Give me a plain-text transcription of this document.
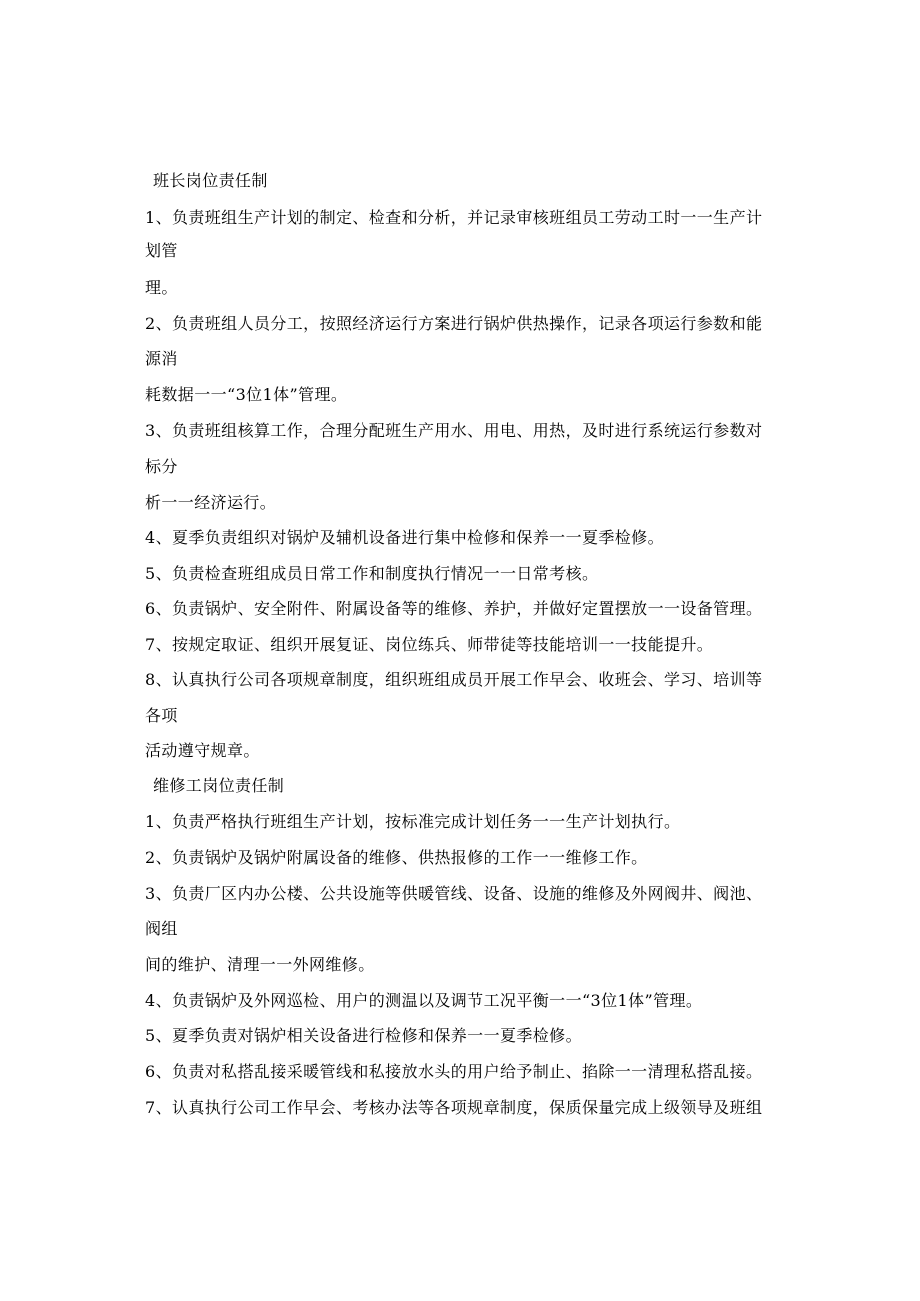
班长岗位责任制
1、负责班组生产计划的制定、检查和分析，并记录审核班组员工劳动工时一一生产计
划管
理。
2、负责班组人员分工，按照经济运行方案进行锅炉供热操作，记录各项运行参数和能
源消
耗数据一一“3位1体”管理。
3、负责班组核算工作，合理分配班生产用水、用电、用热，及时进行系统运行参数对
标分
析一一经济运行。
4、夏季负责组织对锅炉及辅机设备进行集中检修和保养一一夏季检修。
5、负责检查班组成员日常工作和制度执行情况一一日常考核。
6、负责锅炉、安全附件、附属设备等的维修、养护，并做好定置摆放一一设备管理。
7、按规定取证、组织开展复证、岗位练兵、师带徒等技能培训一一技能提升。
8、认真执行公司各项规章制度，组织班组成员开展工作早会、收班会、学习、培训等
各项
活动遵守规章。
维修工岗位责任制
1、负责严格执行班组生产计划，按标准完成计划任务一一生产计划执行。
2、负责锅炉及锅炉附属设备的维修、供热报修的工作一一维修工作。
3、负责厂区内办公楼、公共设施等供暖管线、设备、设施的维修及外网阀井、阀池、
阀组
间的维护、清理一一外网维修。
4、负责锅炉及外网巡检、用户的测温以及调节工况平衡一一“3位1体”管理。
5、夏季负责对锅炉相关设备进行检修和保养一一夏季检修。
6、负责对私搭乱接采暖管线和私接放水头的用户给予制止、掐除一一清理私搭乱接。
7、认真执行公司工作早会、考核办法等各项规章制度，保质保量完成上级领导及班组
